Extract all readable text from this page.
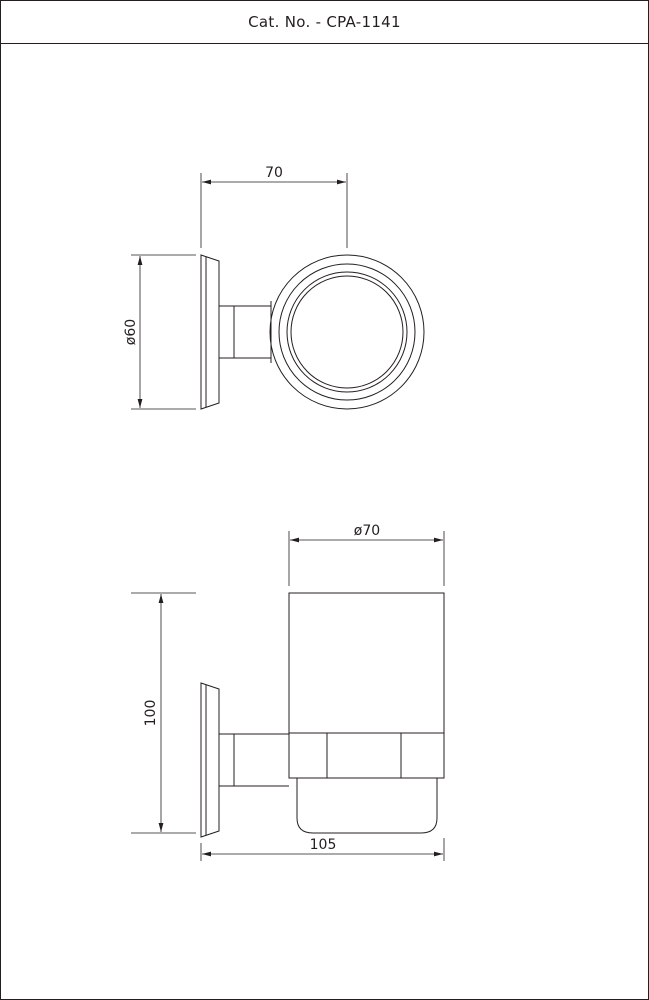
Cat. No. - CPA-1141
70
ø60
ø70
100
105
